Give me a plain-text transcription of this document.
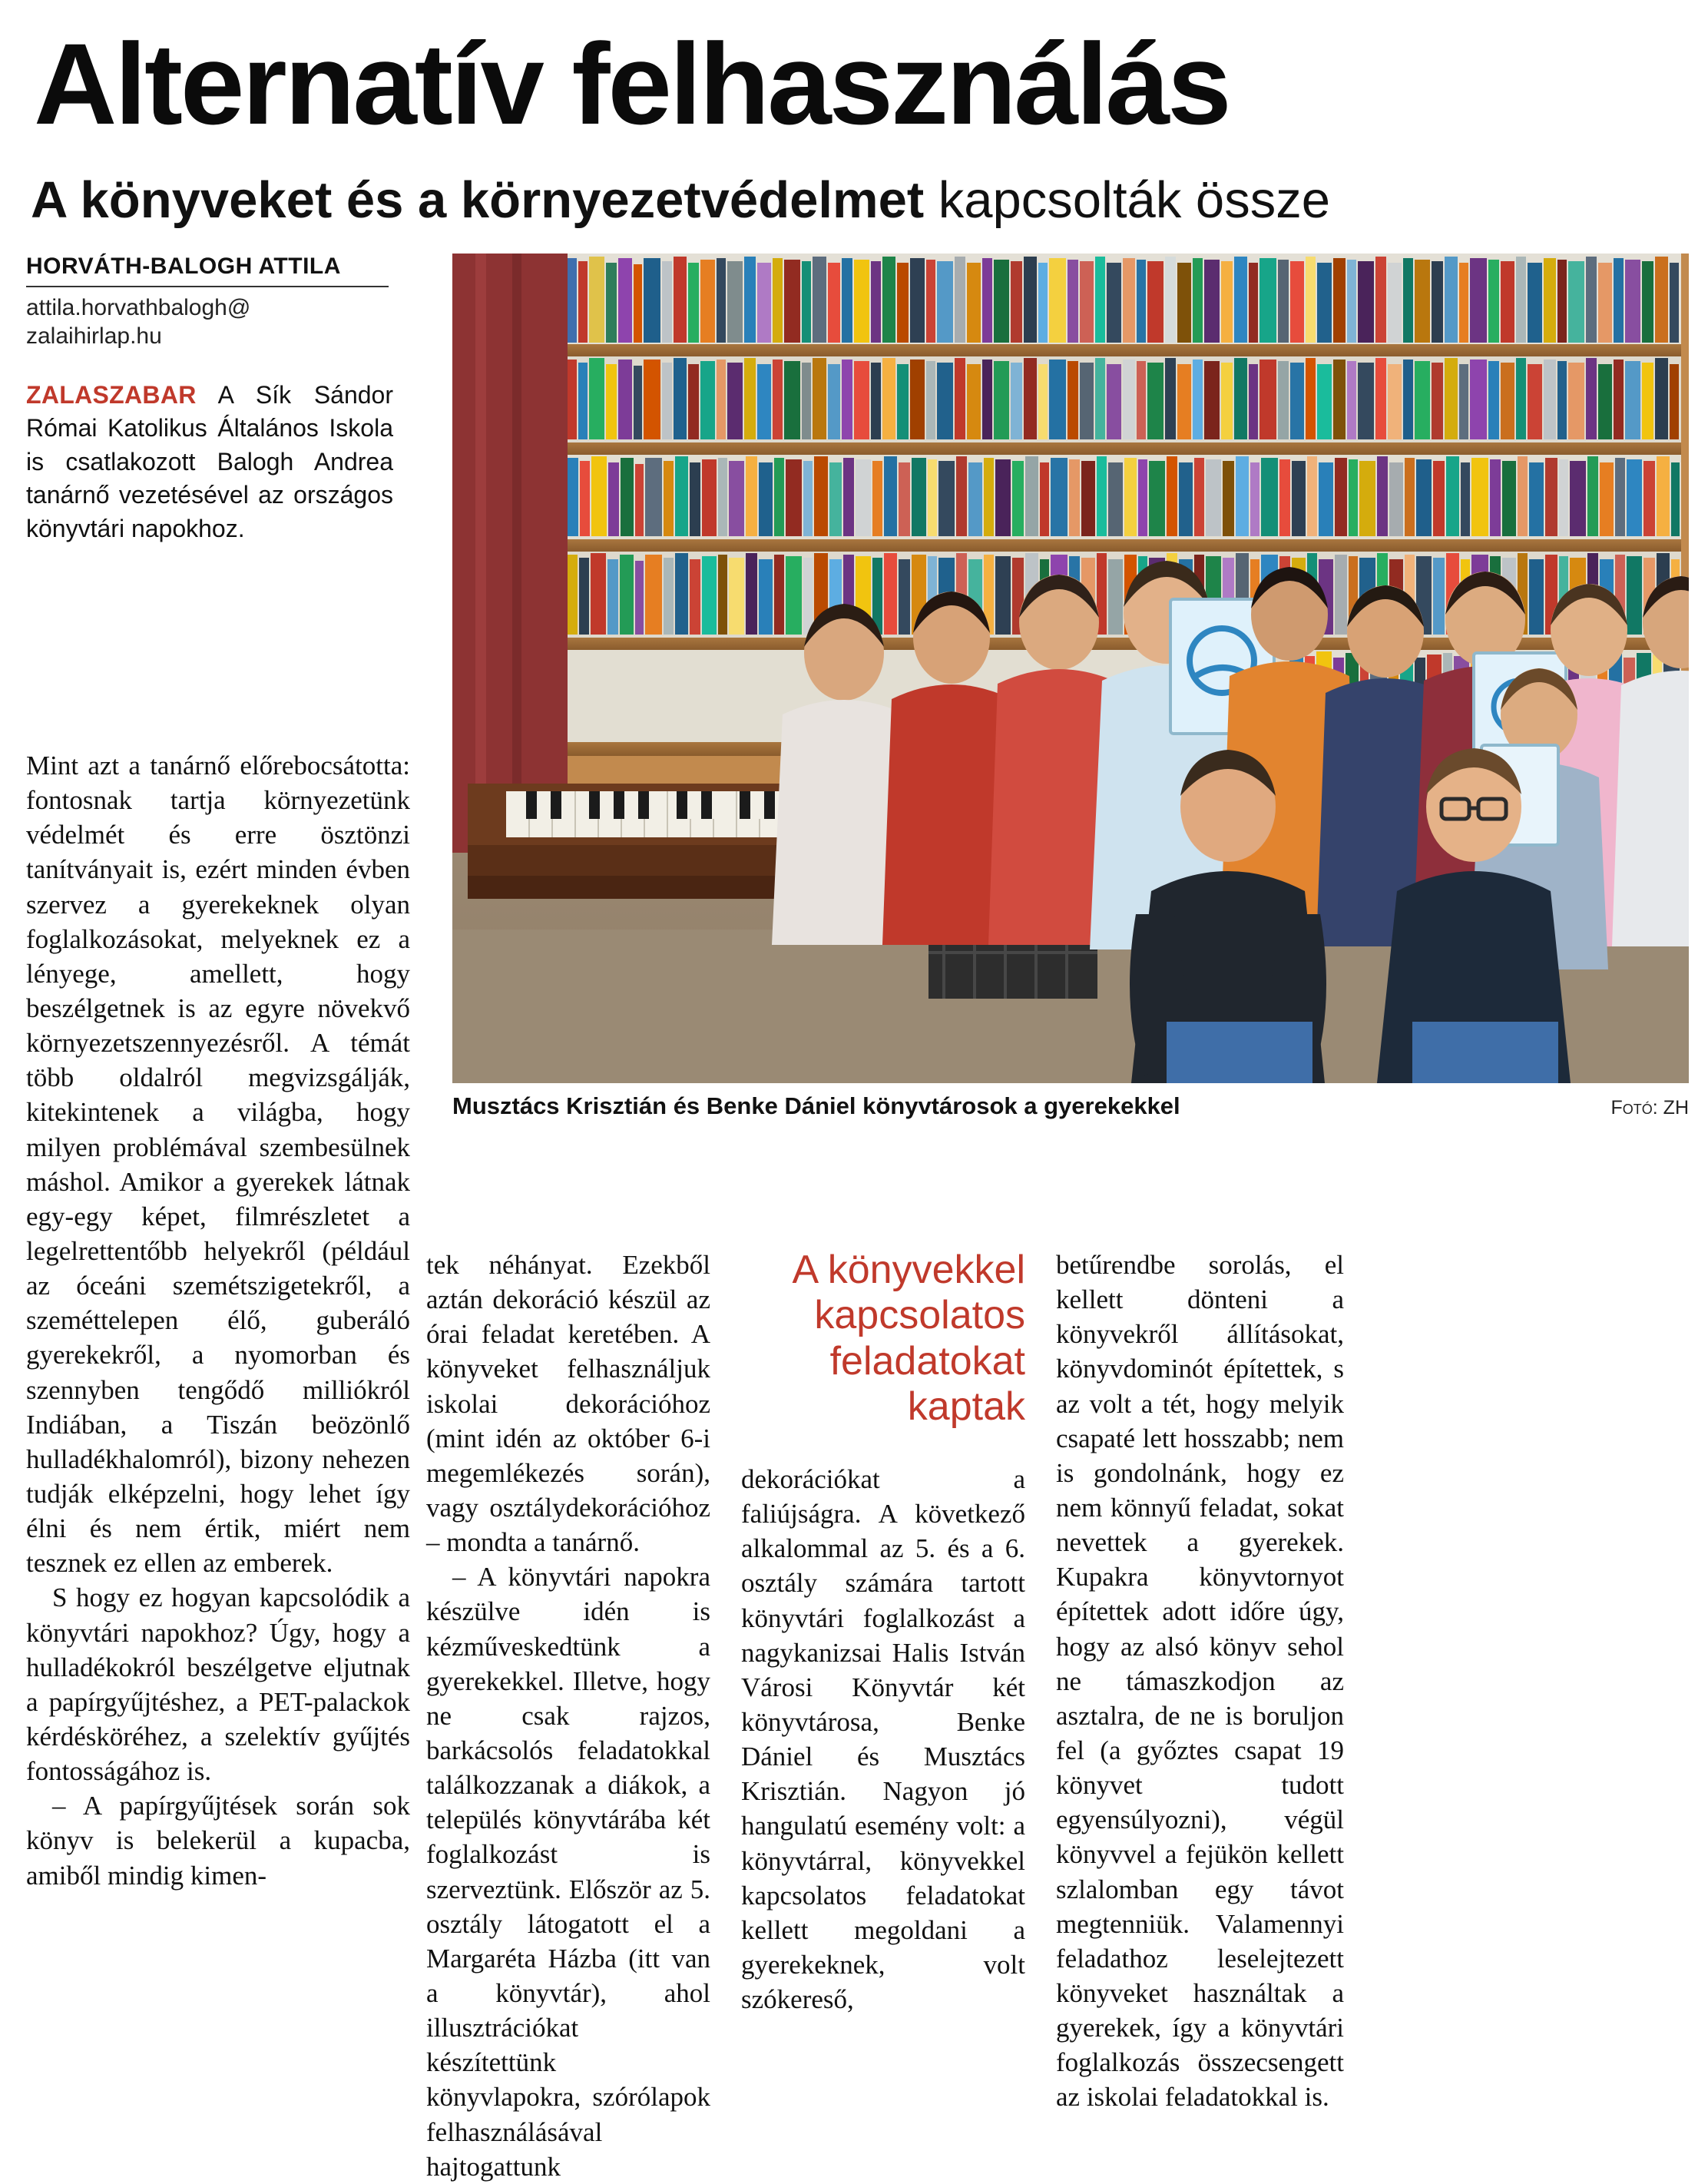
Alternatív felhasználás
A könyveket és a környezetvédelmet kapcsolták össze
HORVÁTH-BALOGH ATTILA
attila.horvathbalogh@
zalaihirlap.hu
ZALASZABAR A Sík Sándor Római Katolikus Általános Iskola is csatlakozott Balogh Andrea tanárnő vezetésével az országos könyvtári napokhoz.
Musztács Krisztián és Benke Dániel könyvtárosok a gyerekekkel	Fotó: ZH

Mint azt a tanárnő előrebocsátotta: fontosnak tartja környezetünk védelmét és erre ösztönzi tanítványait is, ezért minden évben szervez a gyerekeknek olyan foglalkozásokat, melyeknek ez a lényege, amellett, hogy beszélgetnek is az egyre növekvő környezetszennyezésről. A témát több oldalról megvizsgálják, kitekintenek a világba, hogy milyen problémával szembesülnek máshol. Amikor a gyerekek látnak egy-egy képet, filmrészletet a legelrettentőbb helyekről (például az óceáni szemétszigetekről, a szeméttelepen élő, guberáló gyerekekről, a nyomorban és szennyben tengődő milliókról Indiában, a Tiszán beözönlő hulladékhalomról), bizony nehezen tudják elképzelni, hogy lehet így élni és nem értik, miért nem tesznek ez ellen az emberek.

S hogy ez hogyan kapcsolódik a könyvtári napokhoz? Úgy, hogy a hulladékokról beszélgetve eljutnak a papírgyűjtéshez, a PET-palackok kérdésköréhez, a szelektív gyűjtés fontosságához is.

– A papírgyűjtések során sok könyv is belekerül a kupacba, amiből mindig kimen-

tek néhányat. Ezekből aztán dekoráció készül az órai feladat keretében. A könyveket felhasználjuk iskolai dekorációhoz (mint idén az október 6-i megemlékezés során), vagy osztálydekorációhoz – mondta a tanárnő.

– A könyvtári napokra készülve idén is kézműveskedtünk a gyerekekkel. Illetve, hogy ne csak rajzos, barkácsolós feladatokkal találkozzanak a diákok, a település könyvtárába két foglalkozást is szerveztünk. Először az 5. osztály látogatott el a Margaréta Házba (itt van a könyvtár), ahol illusztrációkat készítettünk könyvlapokra, szórólapok felhasználásával hajtogattunk

A könyvekkel kapcsolatos feladatokat kaptak

dekorációkat a faliújságra. A következő alkalommal az 5. és a 6. osztály számára tartott könyvtári foglalkozást a nagykanizsai Halis István Városi Könyvtár két könyvtárosa, Benke Dániel és Musztács Krisztián. Nagyon jó hangulatú esemény volt: a könyvtárral, könyvekkel kapcsolatos feladatokat kellett megoldani a gyerekeknek, volt szókereső,

betűrendbe sorolás, el kellett dönteni a könyvekről állításokat, könyvdominót építettek, s az volt a tét, hogy melyik csapaté lett hosszabb; nem is gondolnánk, hogy ez nem könnyű feladat, sokat nevettek a gyerekek. Kupakra könyvtornyot építettek adott időre úgy, hogy az alsó könyv sehol ne támaszkodjon az asztalra, de ne is boruljon fel (a győztes csapat 19 könyvet tudott egyensúlyozni), végül könyvvel a fejükön kellett szlalomban egy távot megtenniük. Valamennyi feladathoz leselejtezett könyveket használtak a gyerekek, így a könyvtári foglalkozás összecsengett az iskolai feladatokkal is.
